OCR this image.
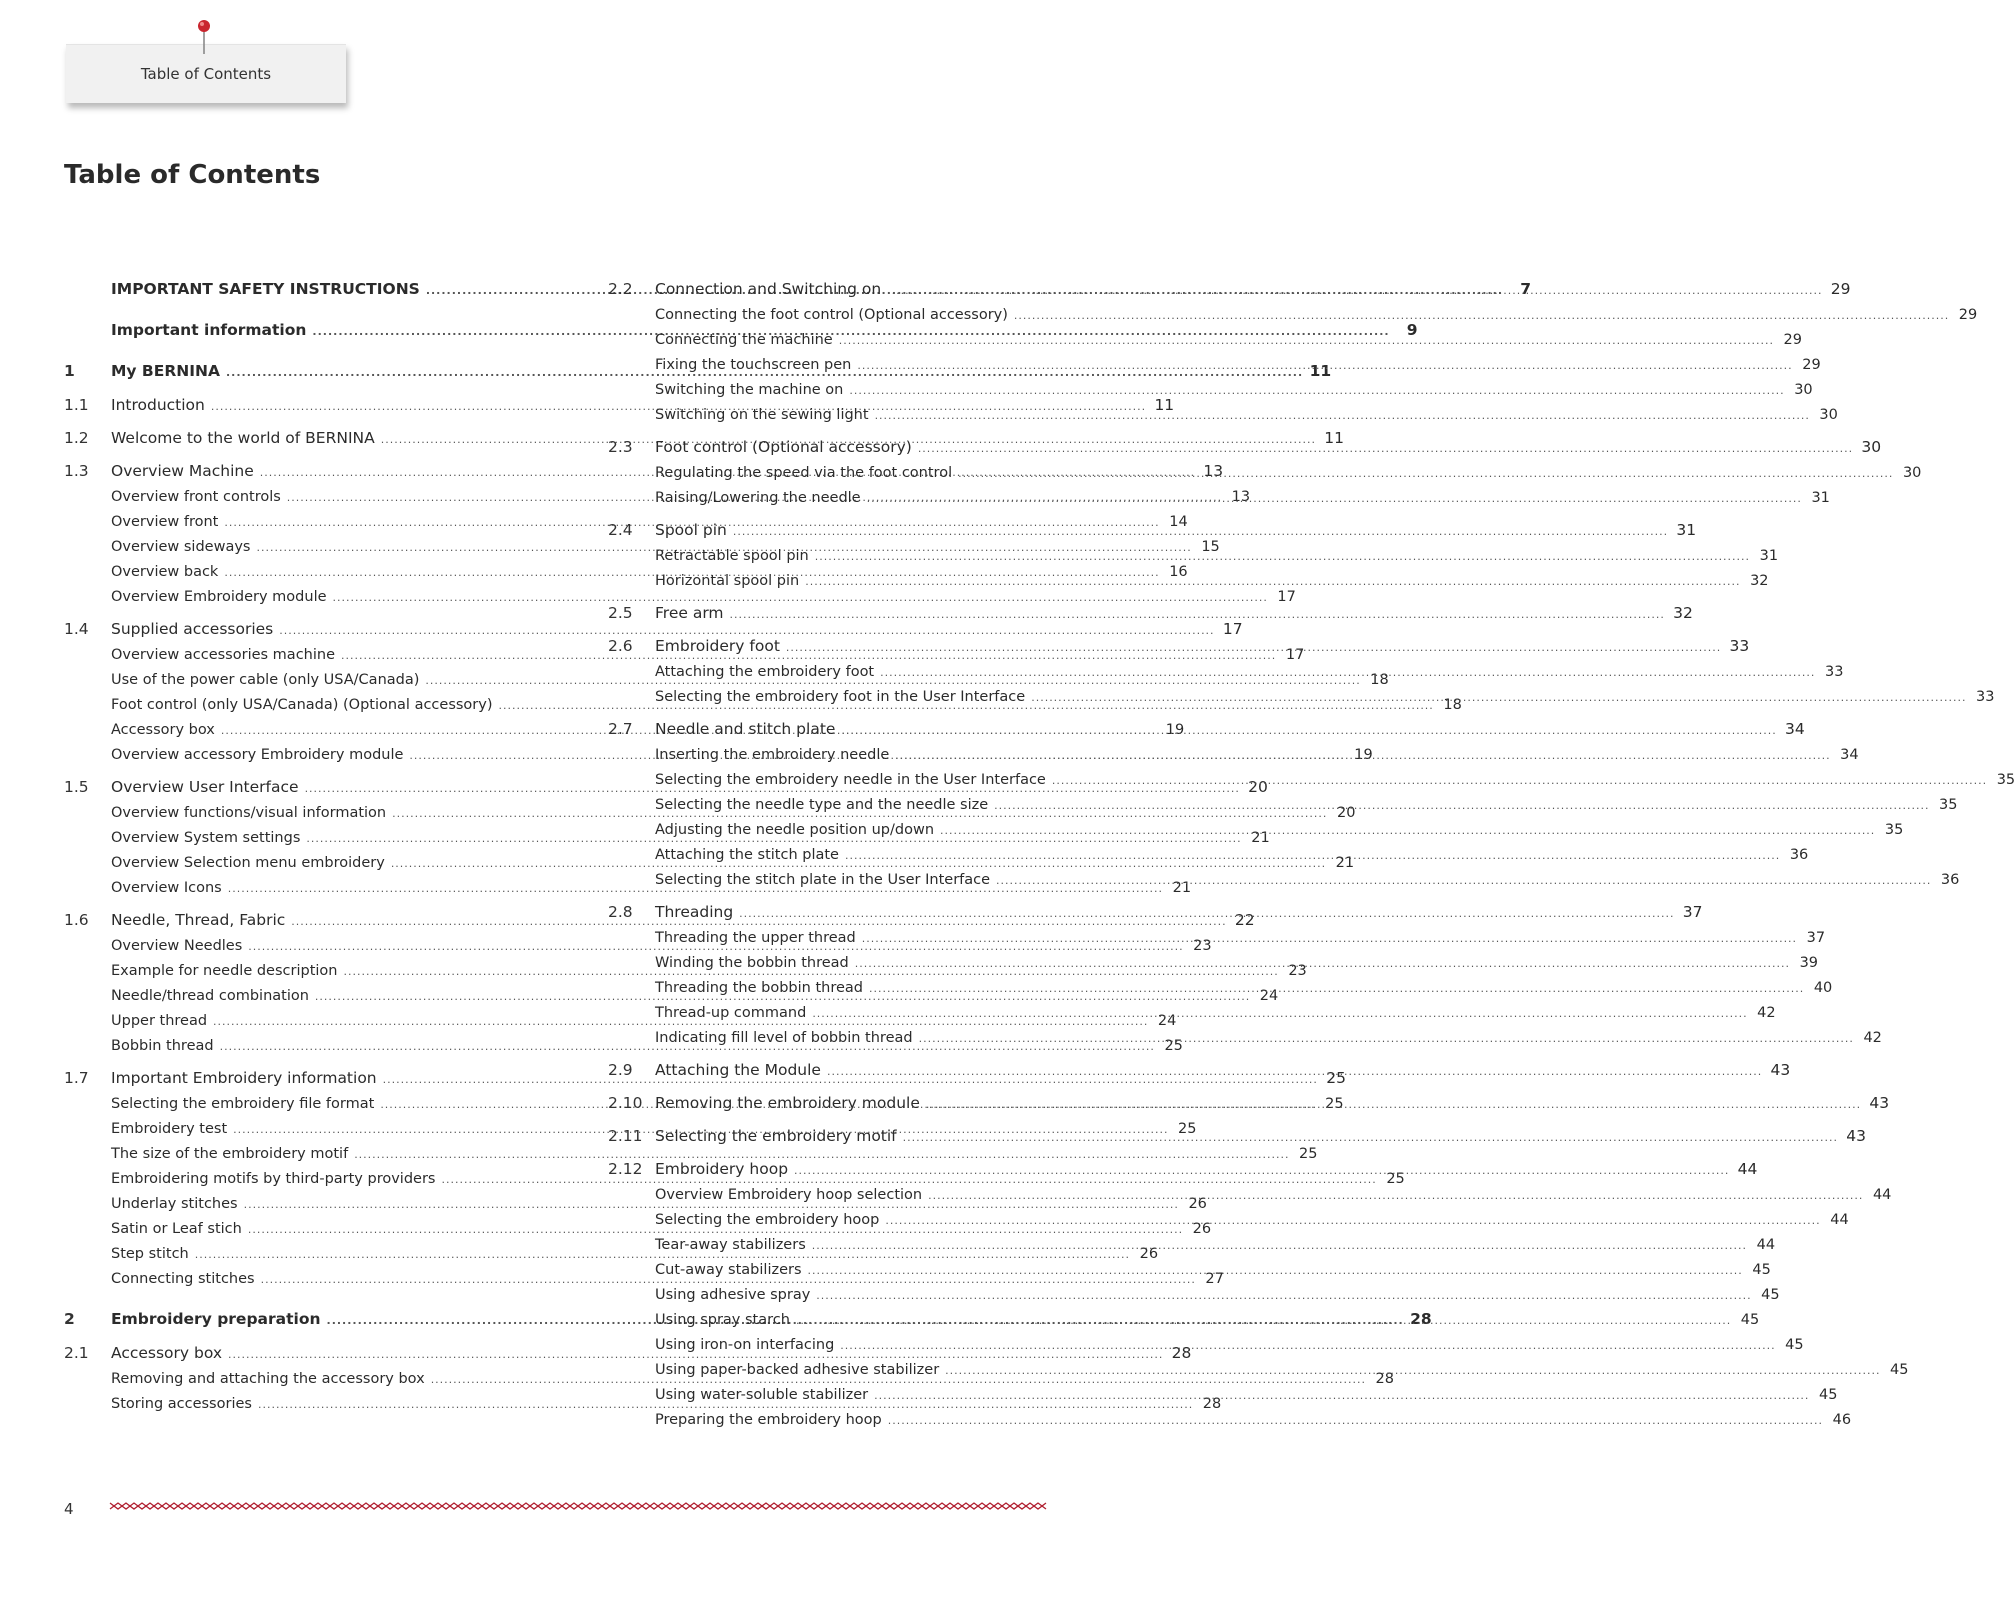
Table of Contents
Table of Contents
IMPORTANT SAFETY INSTRUCTIONS .....	7
Important information .....	9
1	My BERNINA .....	11
1.1	Introduction .....	11
1.2	Welcome to the world of BERNINA .....	11
1.3	Overview Machine .....	13
Overview front controls .....	13
Overview front .....	14
Overview sideways .....	15
Overview back .....	16
Overview Embroidery module .....	17
1.4	Supplied accessories .....	17
Overview accessories machine .....	17
Use of the power cable (only USA/Canada) .....	18
Foot control (only USA/Canada) (Optional accessory) .....	18
Accessory box .....	19
Overview accessory Embroidery module .....	19
1.5	Overview User Interface .....	20
Overview functions/visual information .....	20
Overview System settings .....	21
Overview Selection menu embroidery .....	21
Overview Icons .....	21
1.6	Needle, Thread, Fabric .....	22
Overview Needles .....	23
Example for needle description .....	23
Needle/thread combination .....	24
Upper thread .....	24
Bobbin thread .....	25
1.7	Important Embroidery information .....	25
Selecting the embroidery file format .....	25
Embroidery test .....	25
The size of the embroidery motif .....	25
Embroidering motifs by third-party providers .....	25
Underlay stitches .....	26
Satin or Leaf stich .....	26
Step stitch .....	26
Connecting stitches .....	27
2	Embroidery preparation .....	28
2.1	Accessory box .....	28
Removing and attaching the accessory box .....	28
Storing accessories .....	28
2.2	Connection and Switching on .....	29
Connecting the foot control (Optional accessory) .....	29
Connecting the machine .....	29
Fixing the touchscreen pen .....	29
Switching the machine on .....	30
Switching on the sewing light .....	30
2.3	Foot control (Optional accessory) .....	30
Regulating the speed via the foot control .....	30
Raising/Lowering the needle .....	31
2.4	Spool pin .....	31
Retractable spool pin .....	31
Horizontal spool pin .....	32
2.5	Free arm .....	32
2.6	Embroidery foot .....	33
Attaching the embroidery foot .....	33
Selecting the embroidery foot in the User Interface .....	33
2.7	Needle and stitch plate .....	34
Inserting the embroidery needle .....	34
Selecting the embroidery needle in the User Interface .....	35
Selecting the needle type and the needle size .....	35
Adjusting the needle position up/down .....	35
Attaching the stitch plate .....	36
Selecting the stitch plate in the User Interface .....	36
2.8	Threading .....	37
Threading the upper thread .....	37
Winding the bobbin thread .....	39
Threading the bobbin thread .....	40
Thread-up command .....	42
Indicating fill level of bobbin thread .....	42
2.9	Attaching the Module .....	43
2.10 Removing the embroidery module .....	43
2.11 Selecting the embroidery motif .....	43
2.12 Embroidery hoop .....	44
Overview Embroidery hoop selection .....	44
Selecting the embroidery hoop .....	44
Tear-away stabilizers .....	44
Cut-away stabilizers .....	45
Using adhesive spray .....	45
Using spray starch .....	45
Using iron-on interfacing .....	45
Using paper-backed adhesive stabilizer .....	45
Using water-soluble stabilizer .....	45
Preparing the embroidery hoop .....	46
4
